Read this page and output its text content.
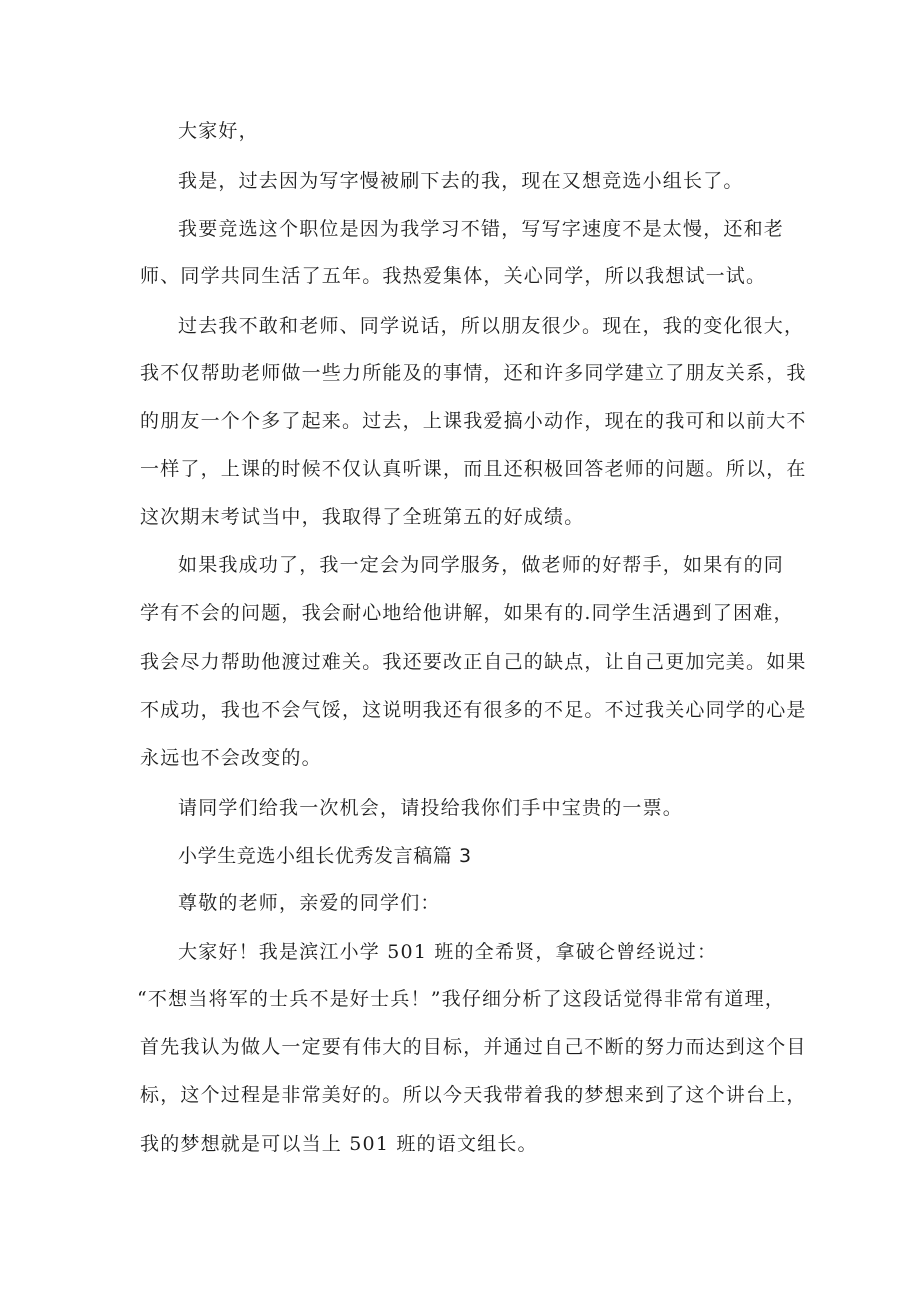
大家好，
我是，过去因为写字慢被刷下去的我，现在又想竞选小组长了。
我要竞选这个职位是因为我学习不错，写写字速度不是太慢，还和老
师、同学共同生活了五年。我热爱集体，关心同学，所以我想试一试。
过去我不敢和老师、同学说话，所以朋友很少。现在，我的变化很大，
我不仅帮助老师做一些力所能及的事情，还和许多同学建立了朋友关系，我
的朋友一个个多了起来。过去，上课我爱搞小动作，现在的我可和以前大不
一样了，上课的时候不仅认真听课，而且还积极回答老师的问题。所以，在
这次期末考试当中，我取得了全班第五的好成绩。
如果我成功了，我一定会为同学服务，做老师的好帮手，如果有的同
学有不会的问题，我会耐心地给他讲解，如果有的.同学生活遇到了困难，
我会尽力帮助他渡过难关。我还要改正自己的缺点，让自己更加完美。如果
不成功，我也不会气馁，这说明我还有很多的不足。不过我关心同学的心是
永远也不会改变的。
请同学们给我一次机会，请投给我你们手中宝贵的一票。
小学生竞选小组长优秀发言稿篇 3
尊敬的老师，亲爱的同学们：
大家好！我是滨江小学 501 班的全希贤，拿破仑曾经说过：
“不想当将军的士兵不是好士兵！”我仔细分析了这段话觉得非常有道理，
首先我认为做人一定要有伟大的目标，并通过自己不断的努力而达到这个目
标，这个过程是非常美好的。所以今天我带着我的梦想来到了这个讲台上，
我的梦想就是可以当上 501 班的语文组长。
